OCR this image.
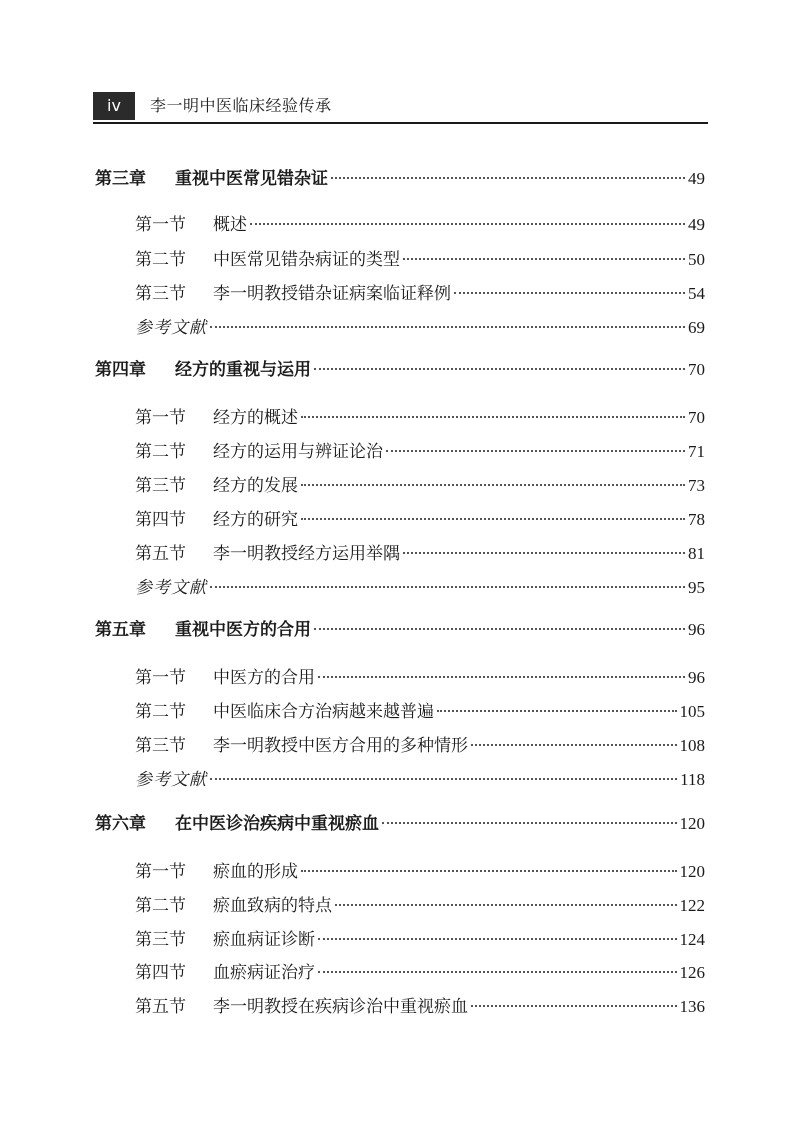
iv	李一明中医临床经验传承
第三章	重视中医常见错杂证	49
第一节	概述	49
第二节	中医常见错杂病证的类型	50
第三节	李一明教授错杂证病案临证释例	54
参考文献	69
第四章	经方的重视与运用	70
第一节	经方的概述	70
第二节	经方的运用与辨证论治	71
第三节	经方的发展	73
第四节	经方的研究	78
第五节	李一明教授经方运用举隅	81
参考文献	95
第五章	重视中医方的合用	96
第一节	中医方的合用	96
第二节	中医临床合方治病越来越普遍	105
第三节	李一明教授中医方合用的多种情形	108
参考文献	118
第六章	在中医诊治疾病中重视瘀血	120
第一节	瘀血的形成	120
第二节	瘀血致病的特点	122
第三节	瘀血病证诊断	124
第四节	血瘀病证治疗	126
第五节	李一明教授在疾病诊治中重视瘀血	136
